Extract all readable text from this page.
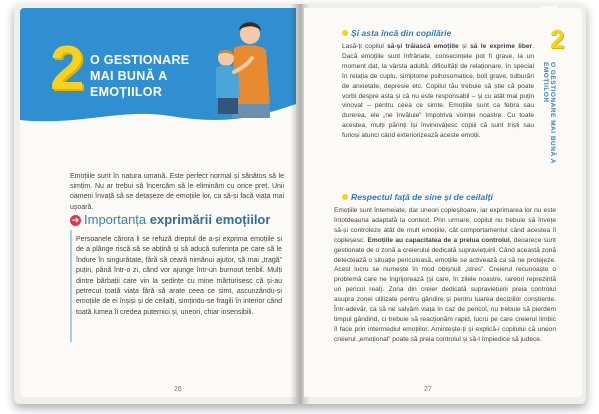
2 O GESTIONARE MAI BUNĂ A EMOȚIILOR
Emoțiile sunt în natura umană. Este perfect normal și sănătos să le simțim. Nu ar trebui să încercăm să le eliminăm cu orice preț. Unii oameni învață să se detașeze de emoțiile lor, ca să-și facă viața mai ușoară.
➜ Importanța exprimării emoțiilor
Persoanele cărora li se refuză dreptul de a-și exprima emoțiile și de a plânge riscă să se abțină și să aducă suferința pe care să le îndure în singurătate, fără să ceară nimănui ajutor, să mai „tragă” puțin, până într-o zi, când vor ajunge într-un burnout teribil. Mulți dintre bărbații care vin la ședințe cu mine mărturisesc că și-au petrecut toată viața fără să arate ceea ce simt, ascunzându-și emoțiile de ei înșiși și de ceilalți, simțindu-se fragili în interior când toată lumea îi credea puternici și, uneori, chiar insensibili.
26
Și asta încă din copilărie
Lasă-ți copilul să-și trăiască emoțiile și să le exprime liber. Dacă emoțiile sunt înfrânate, consecințele pot fi grave, la un moment dat, la vârsta adultă: dificultăți de relaționare, în special în relația de cuplu, simptome psihosomatice, boli grave, tulburări de anxietate, depresie etc. Copilul tău trebuie să știe că poate vorbi despre asta și că nu este responsabil – și cu atât mai puțin vinovat – pentru ceea ce simte. Emoțiile sunt ca febra sau durerea, ele „ne învăluie” împotriva voinței noastre. Cu toate acestea, mulți părinți își învinovățesc copiii că sunt triști sau furioși atunci când exteriorizează aceste emoții.
Respectul față de sine și de ceilalți
Emoțiile sunt întemeiate, dar uneori copleșitoare, iar exprimarea lor nu este întotdeauna adaptată la context. Prin urmare, copilul nu trebuie să învețe să-și controleze atât de mult emoțiile, cât comportamentul când acestea îl copleșesc. Emoțiile au capacitatea de a prelua controlul, deoarece sunt gestionate de o zonă a creierului dedicată supraviețuirii. Când această zonă detectează o situație periculoasă, emoțiile se activează ca să ne protejeze. Acest lucru se numește în mod obișnuit „stres”. Creierul recunoaște o problemă care ne îngrijorează (și care, în zilele noastre, rareori reprezintă un pericol real). Zona din creier dedicată supraviețuirii preia controlul asupra zonei utilizate pentru gândire și pentru luarea deciziilor conștiente. Într-adevăr, ca să ne salvăm viața în caz de pericol, nu trebuie să pierdem timpul gândind, ci trebuie să reacționăm rapid, lucru pe care creierul limbic îl face prin intermediul emoțiilor. Amintește-ți și explică-i copilului că uneori creierul „emoțional” poate să preia controlul și să-l împiedice să judece.
27
2
O GESTIONARE MAI BUNĂ A EMOȚIILOR
